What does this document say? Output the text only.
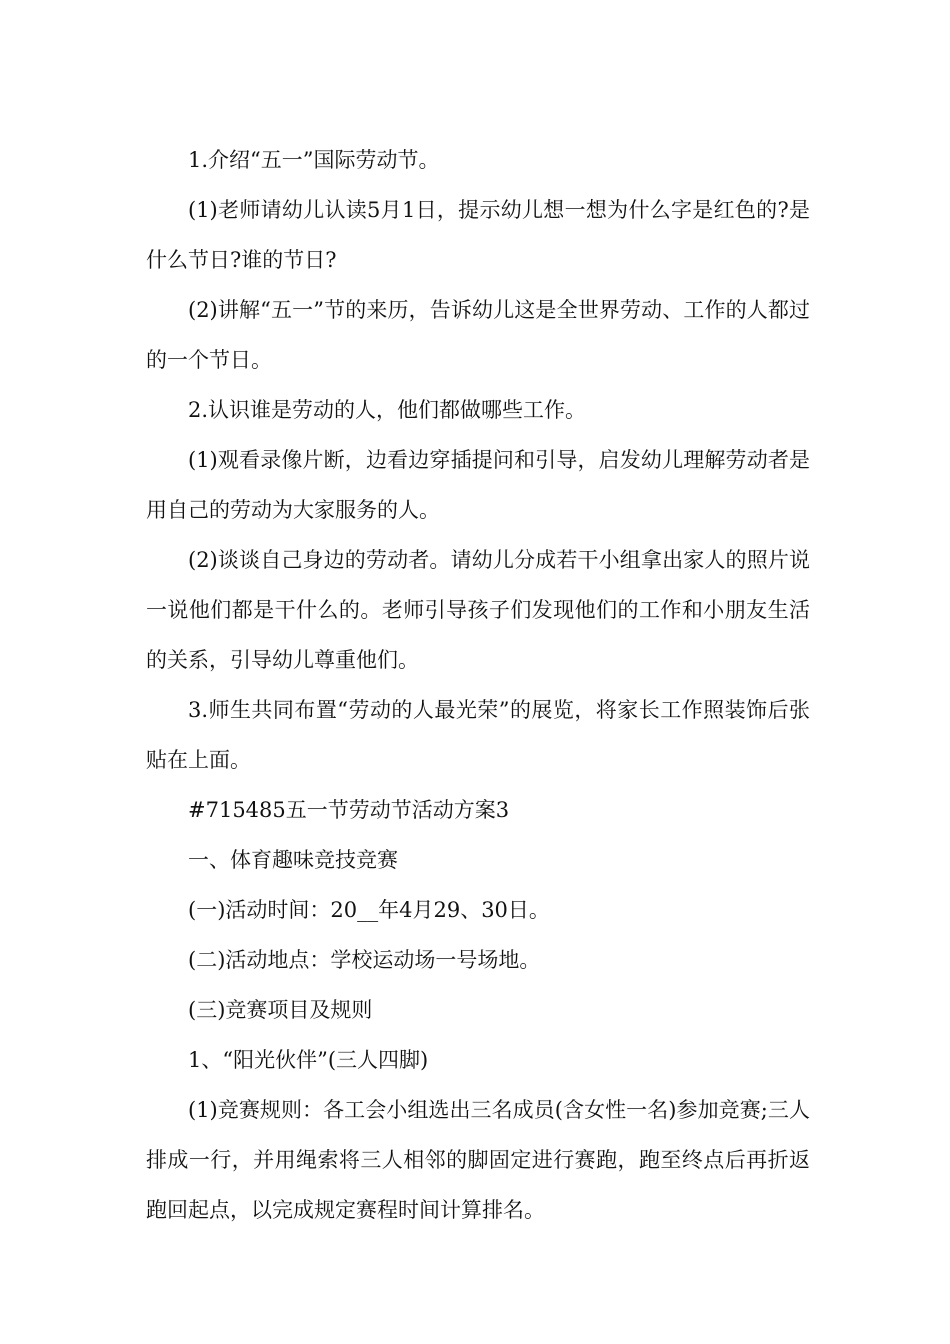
1.介绍“五一”国际劳动节。

(1)老师请幼儿认读5月1日，提示幼儿想一想为什么字是红色的?是什么节日?谁的节日?

(2)讲解“五一”节的来历，告诉幼儿这是全世界劳动、工作的人都过的一个节日。

2.认识谁是劳动的人，他们都做哪些工作。

(1)观看录像片断，边看边穿插提问和引导，启发幼儿理解劳动者是用自己的劳动为大家服务的人。

(2)谈谈自己身边的劳动者。请幼儿分成若干小组拿出家人的照片说一说他们都是干什么的。老师引导孩子们发现他们的工作和小朋友生活的关系，引导幼儿尊重他们。

3.师生共同布置“劳动的人最光荣”的展览，将家长工作照装饰后张贴在上面。

#715485五一节劳动节活动方案3

一、体育趣味竞技竞赛

(一)活动时间：20__年4月29、30日。

(二)活动地点：学校运动场一号场地。

(三)竞赛项目及规则

1、“阳光伙伴”(三人四脚)

(1)竞赛规则：各工会小组选出三名成员(含女性一名)参加竞赛;三人排成一行，并用绳索将三人相邻的脚固定进行赛跑，跑至终点后再折返跑回起点，以完成规定赛程时间计算排名。
